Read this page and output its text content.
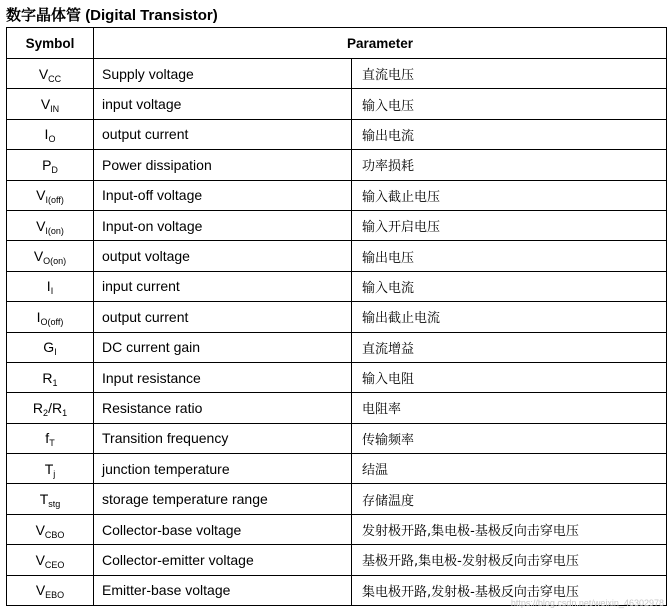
数字晶体管 (Digital Transistor)
Symbol	Parameter	
$V_{CC}$	Supply voltage	直流电压
$V_{IN}$	input voltage	输入电压
$I_O$	output current	输出电流
$P_D$	Power dissipation	功率损耗
$V_{I(off)}$	Input-off voltage	输入截止电压
$V_{I(on)}$	Input-on voltage	输入开启电压
$V_{O(on)}$	output voltage	输出电压
$I_I$	input current	输入电流
$I_{O(off)}$	output current	输出截止电流
$G_I$	DC current gain	直流增益
$R_1$	Input resistance	输入电阻
$R_2/R_1$	Resistance ratio	电阻率
$f_T$	Transition frequency	传输频率
$T_j$	junction temperature	结温
$T_{stg}$	storage temperature range	存储温度
$V_{CBO}$	Collector-base voltage	发射极开路,集电极-基极反向击穿电压
$V_{CEO}$	Collector-emitter voltage	基极开路,集电极-发射极反向击穿电压
$V_{EBO}$	Emitter-base voltage	集电极开路,发射极-基极反向击穿电压
https://blog.csdn.net/weixin_46302978
